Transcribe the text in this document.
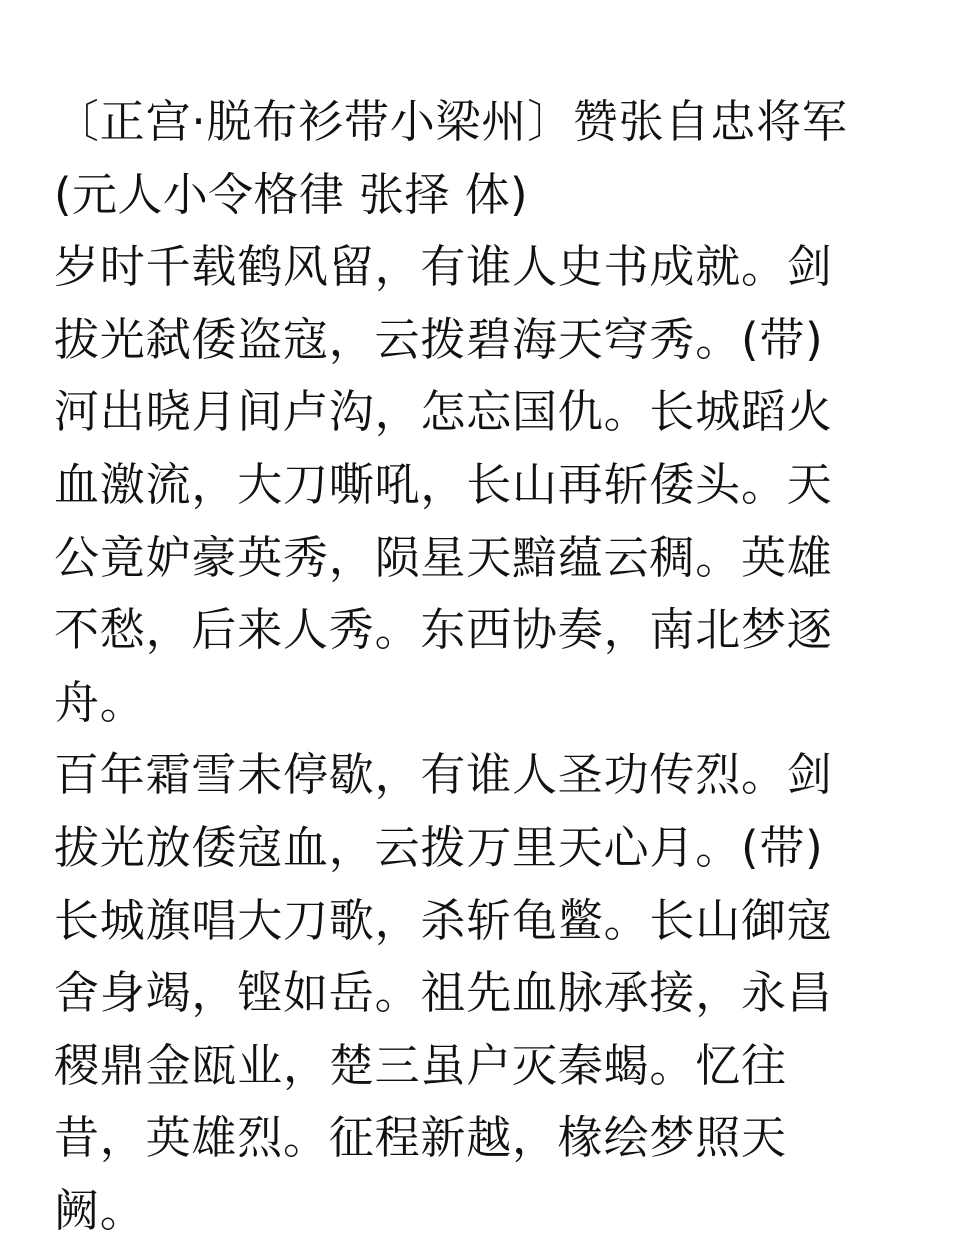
〔正宫·脱布衫带小梁州〕赞张自忠将军
(元人小令格律 张择 体)
岁时千载鹤风留，有谁人史书成就。剑
拔光弑倭盗寇，云拨碧海天穹秀。(带)
河出晓月间卢沟，怎忘国仇。长城蹈火
血激流，大刀嘶吼，长山再斩倭头。天
公竟妒豪英秀，陨星天黯蕴云稠。英雄
不愁，后来人秀。东西协奏，南北梦逐
舟。
百年霜雪未停歇，有谁人圣功传烈。剑
拔光放倭寇血，云拨万里天心月。(带)
长城旗唱大刀歌，杀斩龟鳖。长山御寇
舍身竭，铿如岳。祖先血脉承接，永昌
稷鼎金瓯业，楚三虽户灭秦蝎。忆往
昔，英雄烈。征程新越，椽绘梦照天
阙。
